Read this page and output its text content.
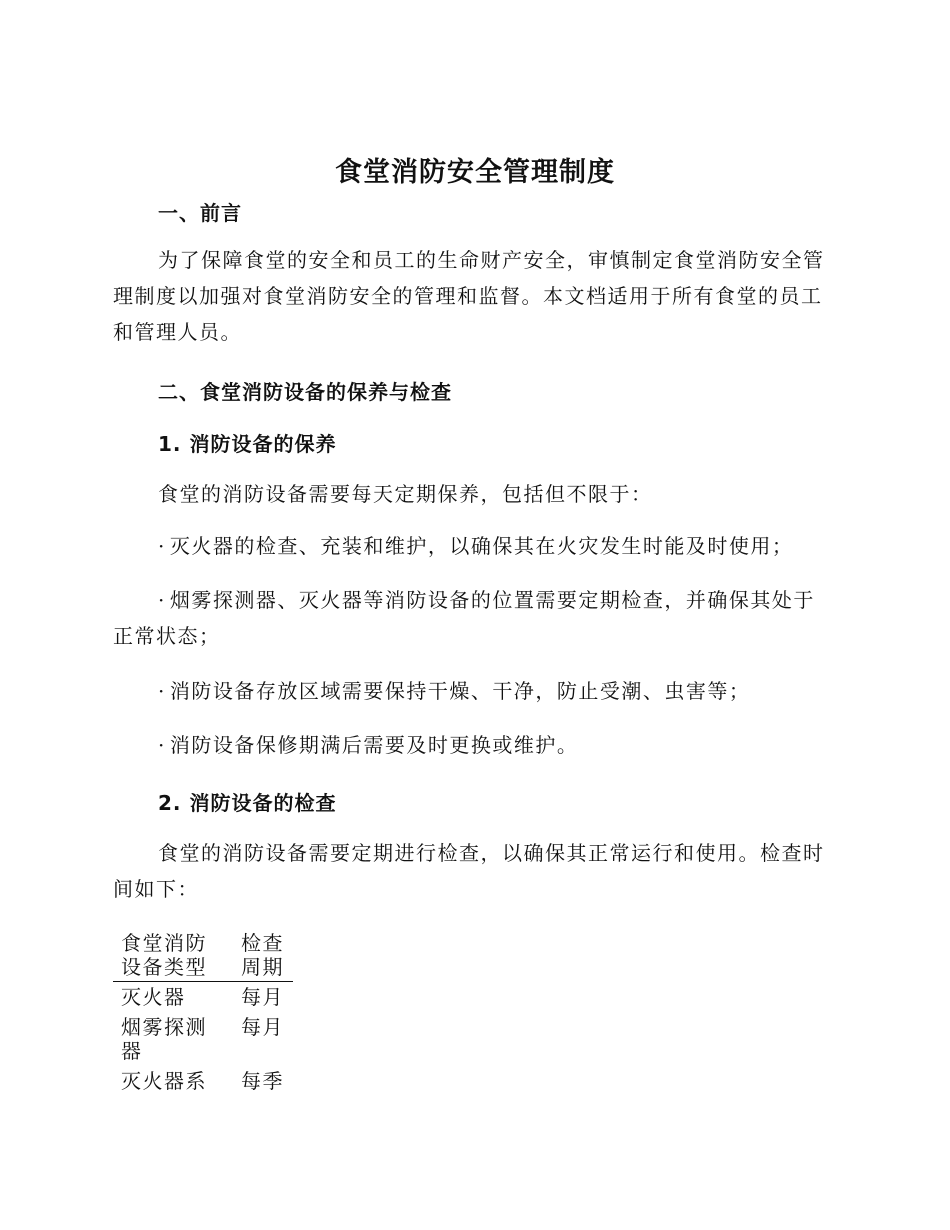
食堂消防安全管理制度
一、前言

为了保障食堂的安全和员工的生命财产安全，审慎制定食堂消防安全管理制度以加强对食堂消防安全的管理和监督。本文档适用于所有食堂的员工和管理人员。

二、食堂消防设备的保养与检查
1. 消防设备的保养

食堂的消防设备需要每天定期保养，包括但不限于：

· 灭火器的检查、充装和维护，以确保其在火灾发生时能及时使用；

· 烟雾探测器、灭火器等消防设备的位置需要定期检查，并确保其处于正常状态；

· 消防设备存放区域需要保持干燥、干净，防止受潮、虫害等；

· 消防设备保修期满后需要及时更换或维护。

2. 消防设备的检查

食堂的消防设备需要定期进行检查，以确保其正常运行和使用。检查时间如下：

食堂消防设备类型	检查周期
灭火器	每月
烟雾探测器	每月
灭火器系	每季
